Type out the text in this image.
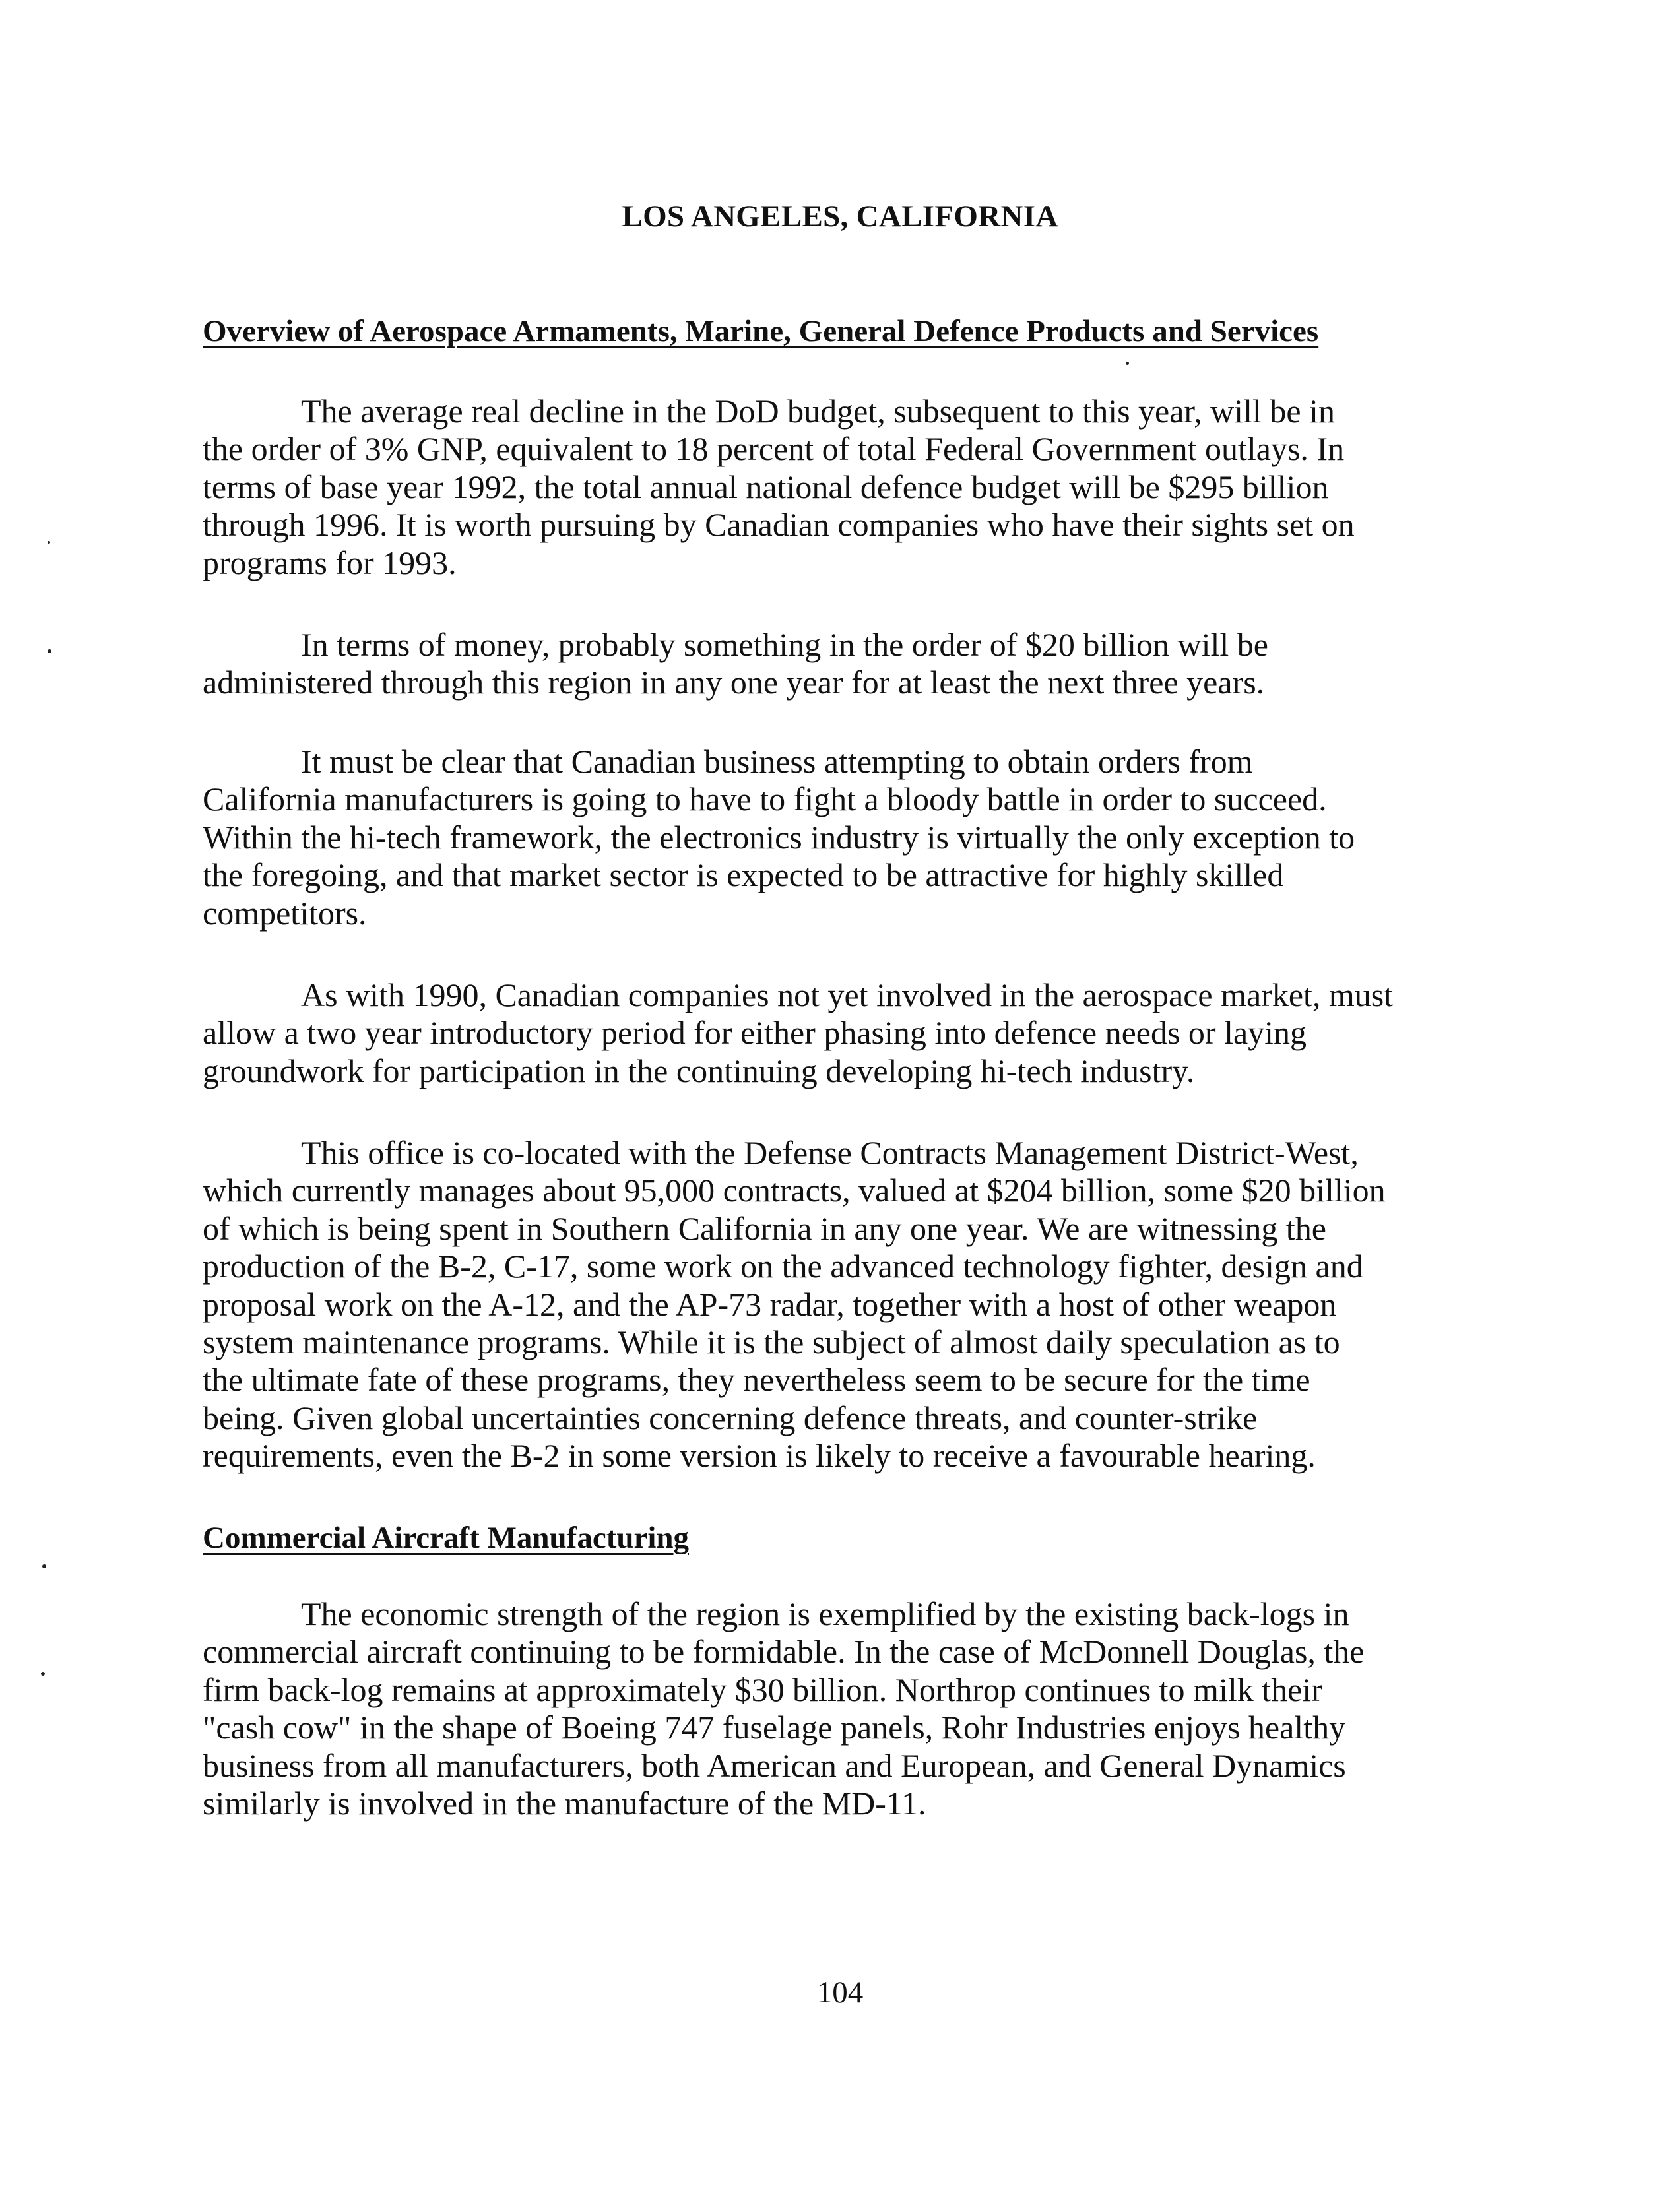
LOS ANGELES, CALIFORNIA
Overview of Aerospace Armaments, Marine, General Defence Products and Services

The average real decline in the DoD budget, subsequent to this year, will be in
the order of 3% GNP, equivalent to 18 percent of total Federal Government outlays. In
terms of base year 1992, the total annual national defence budget will be $295 billion
through 1996. It is worth pursuing by Canadian companies who have their sights set on
programs for 1993.

In terms of money, probably something in the order of $20 billion will be
administered through this region in any one year for at least the next three years.

It must be clear that Canadian business attempting to obtain orders from
California manufacturers is going to have to fight a bloody battle in order to succeed.
Within the hi-tech framework, the electronics industry is virtually the only exception to
the foregoing, and that market sector is expected to be attractive for highly skilled
competitors.

As with 1990, Canadian companies not yet involved in the aerospace market, must
allow a two year introductory period for either phasing into defence needs or laying
groundwork for participation in the continuing developing hi-tech industry.

This office is co-located with the Defense Contracts Management District-West,
which currently manages about 95,000 contracts, valued at $204 billion, some $20 billion
of which is being spent in Southern California in any one year. We are witnessing the
production of the B-2, C-17, some work on the advanced technology fighter, design and
proposal work on the A-12, and the AP-73 radar, together with a host of other weapon
system maintenance programs. While it is the subject of almost daily speculation as to
the ultimate fate of these programs, they nevertheless seem to be secure for the time
being. Given global uncertainties concerning defence threats, and counter-strike
requirements, even the B-2 in some version is likely to receive a favourable hearing.

Commercial Aircraft Manufacturing

The economic strength of the region is exemplified by the existing back-logs in
commercial aircraft continuing to be formidable. In the case of McDonnell Douglas, the
firm back-log remains at approximately $30 billion. Northrop continues to milk their
"cash cow" in the shape of Boeing 747 fuselage panels, Rohr Industries enjoys healthy
business from all manufacturers, both American and European, and General Dynamics
similarly is involved in the manufacture of the MD-11.

104
